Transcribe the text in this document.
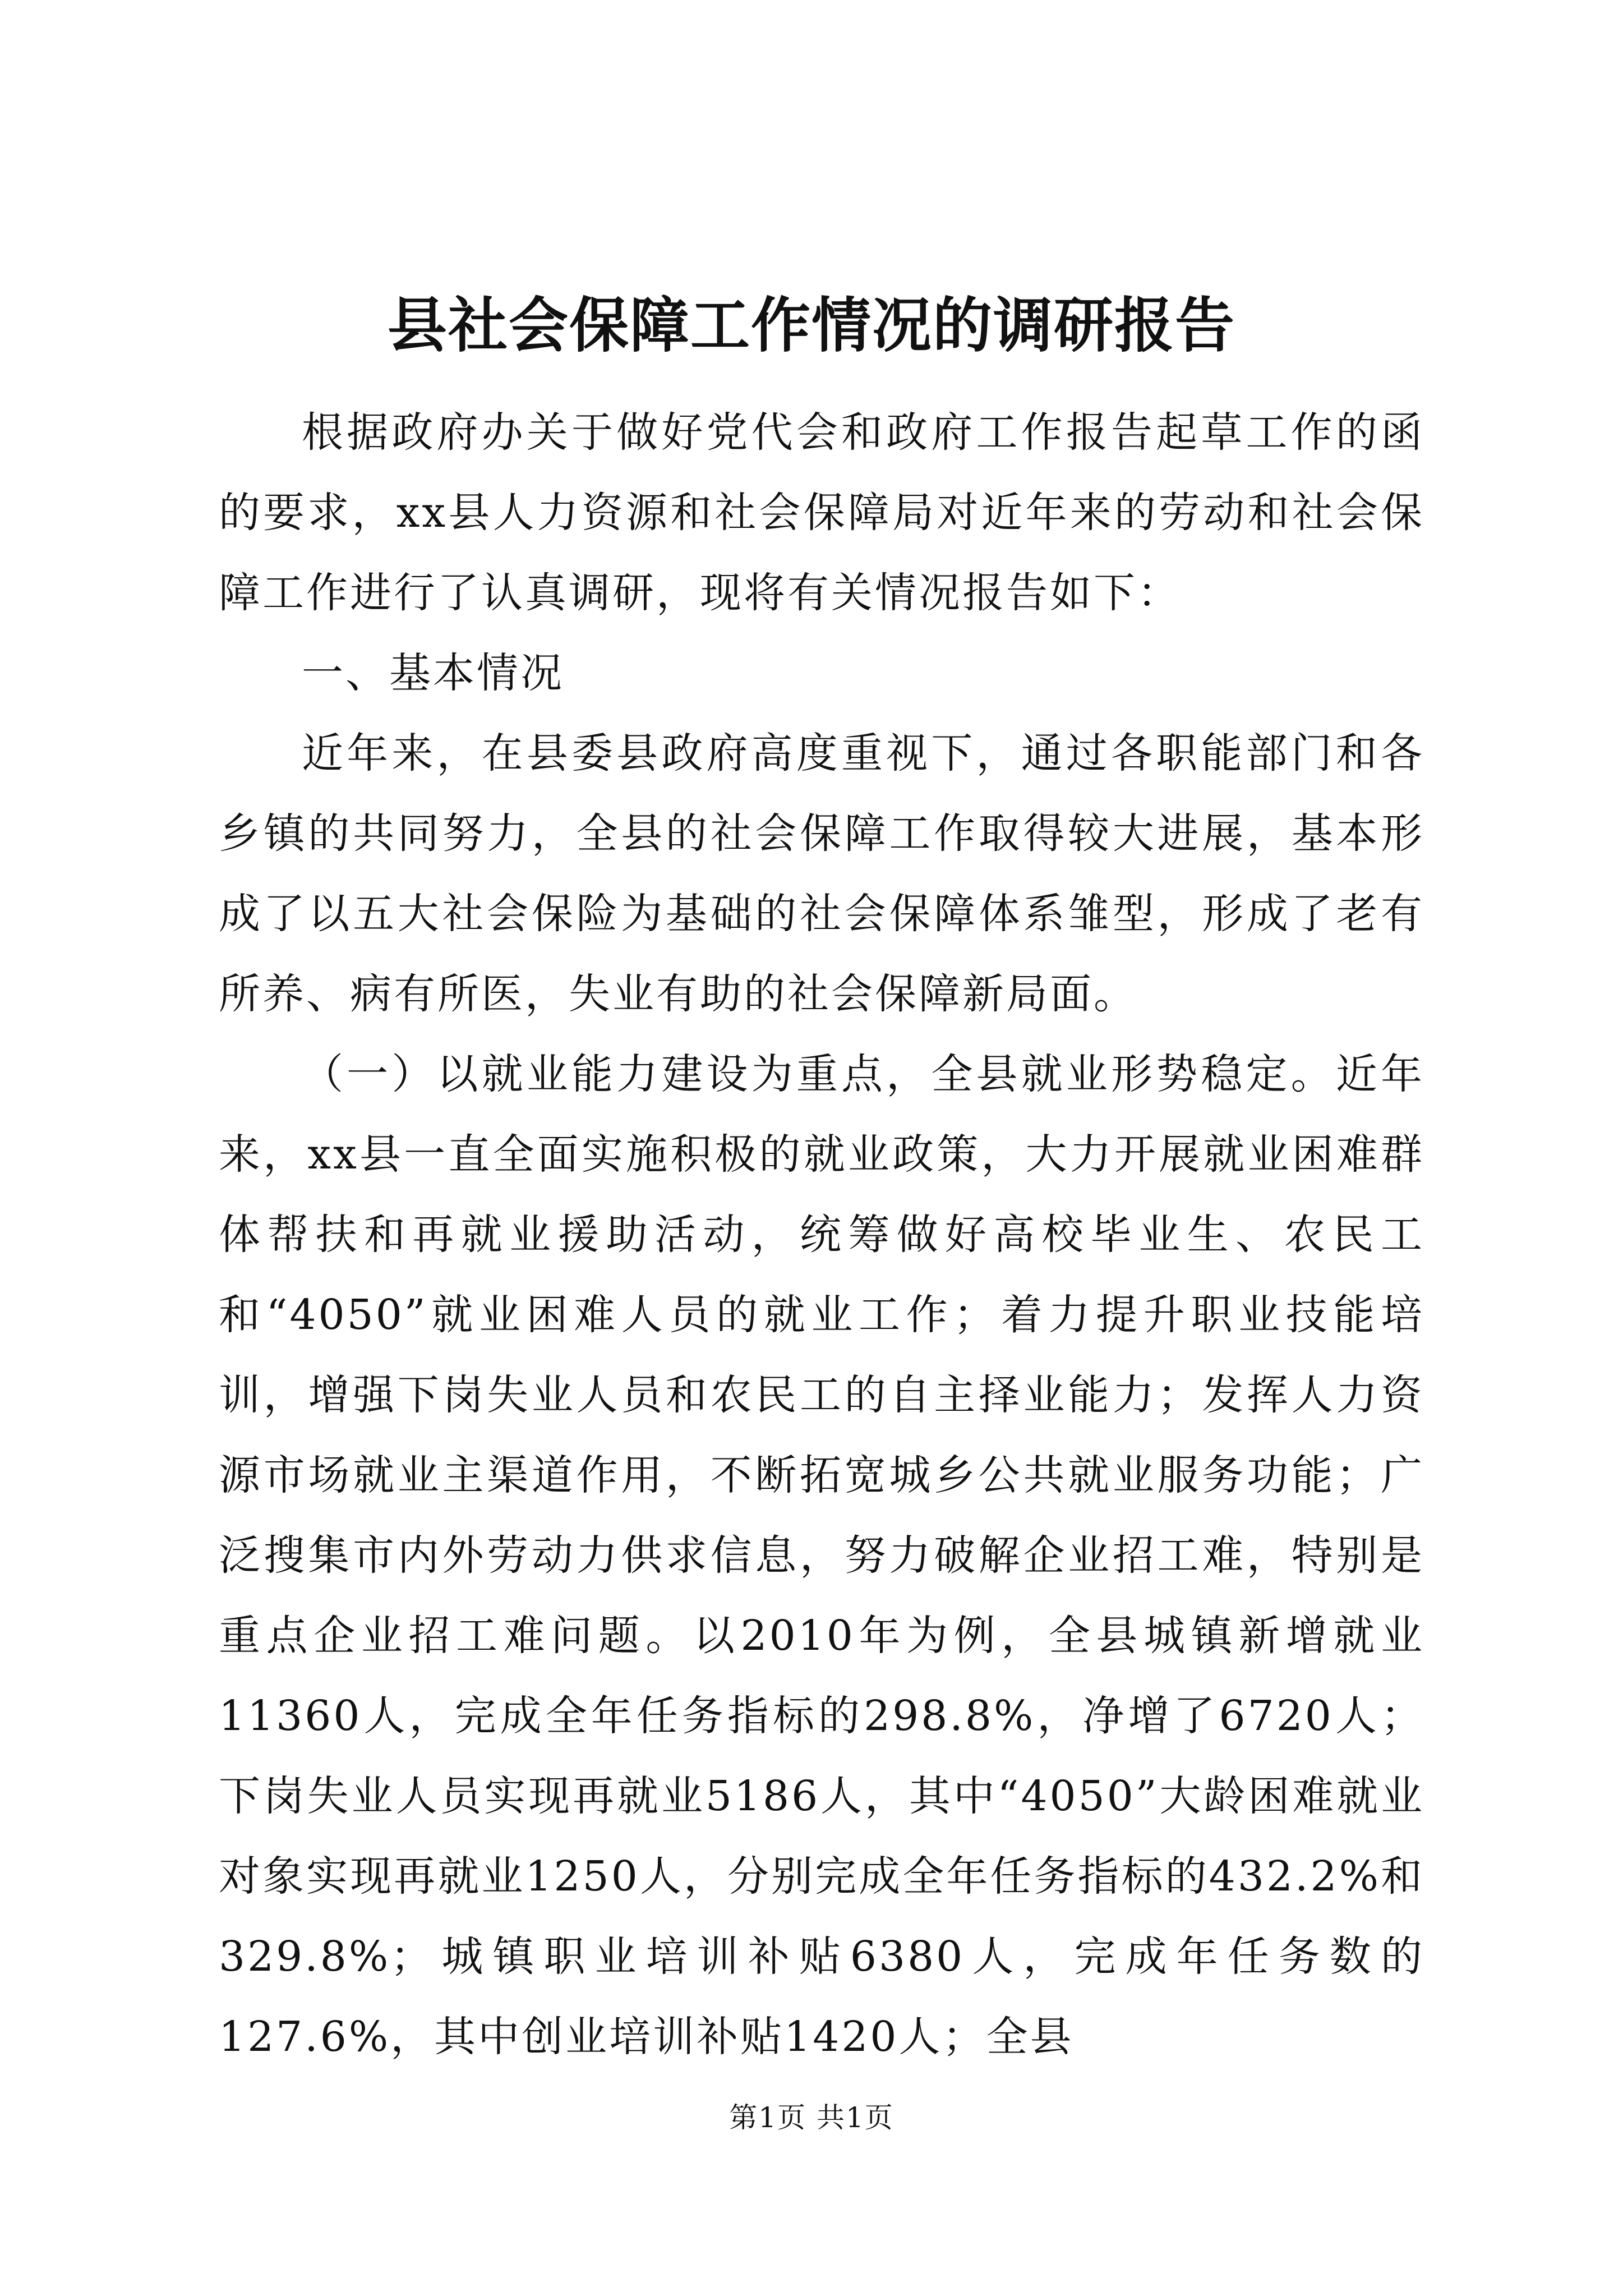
县社会保障工作情况的调研报告

根据政府办关于做好党代会和政府工作报告起草工作的函的要求，xx县人力资源和社会保障局对近年来的劳动和社会保障工作进行了认真调研，现将有关情况报告如下：

一、基本情况

近年来，在县委县政府高度重视下，通过各职能部门和各乡镇的共同努力，全县的社会保障工作取得较大进展，基本形成了以五大社会保险为基础的社会保障体系雏型，形成了老有所养、病有所医，失业有助的社会保障新局面。

（一）以就业能力建设为重点，全县就业形势稳定。近年来，xx县一直全面实施积极的就业政策，大力开展就业困难群体帮扶和再就业援助活动，统筹做好高校毕业生、农民工和“4050”就业困难人员的就业工作；着力提升职业技能培训，增强下岗失业人员和农民工的自主择业能力；发挥人力资源市场就业主渠道作用，不断拓宽城乡公共就业服务功能；广泛搜集市内外劳动力供求信息，努力破解企业招工难，特别是重点企业招工难问题。以2010年为例，全县城镇新增就业11360人，完成全年任务指标的298.8%，净增了6720人；下岗失业人员实现再就业5186人，其中“4050”大龄困难就业对象实现再就业1250人，分别完成全年任务指标的432.2%和329.8%；城镇职业培训补贴6380人，完成年任务数的127.6%，其中创业培训补贴1420人；全县

第1页 共1页
